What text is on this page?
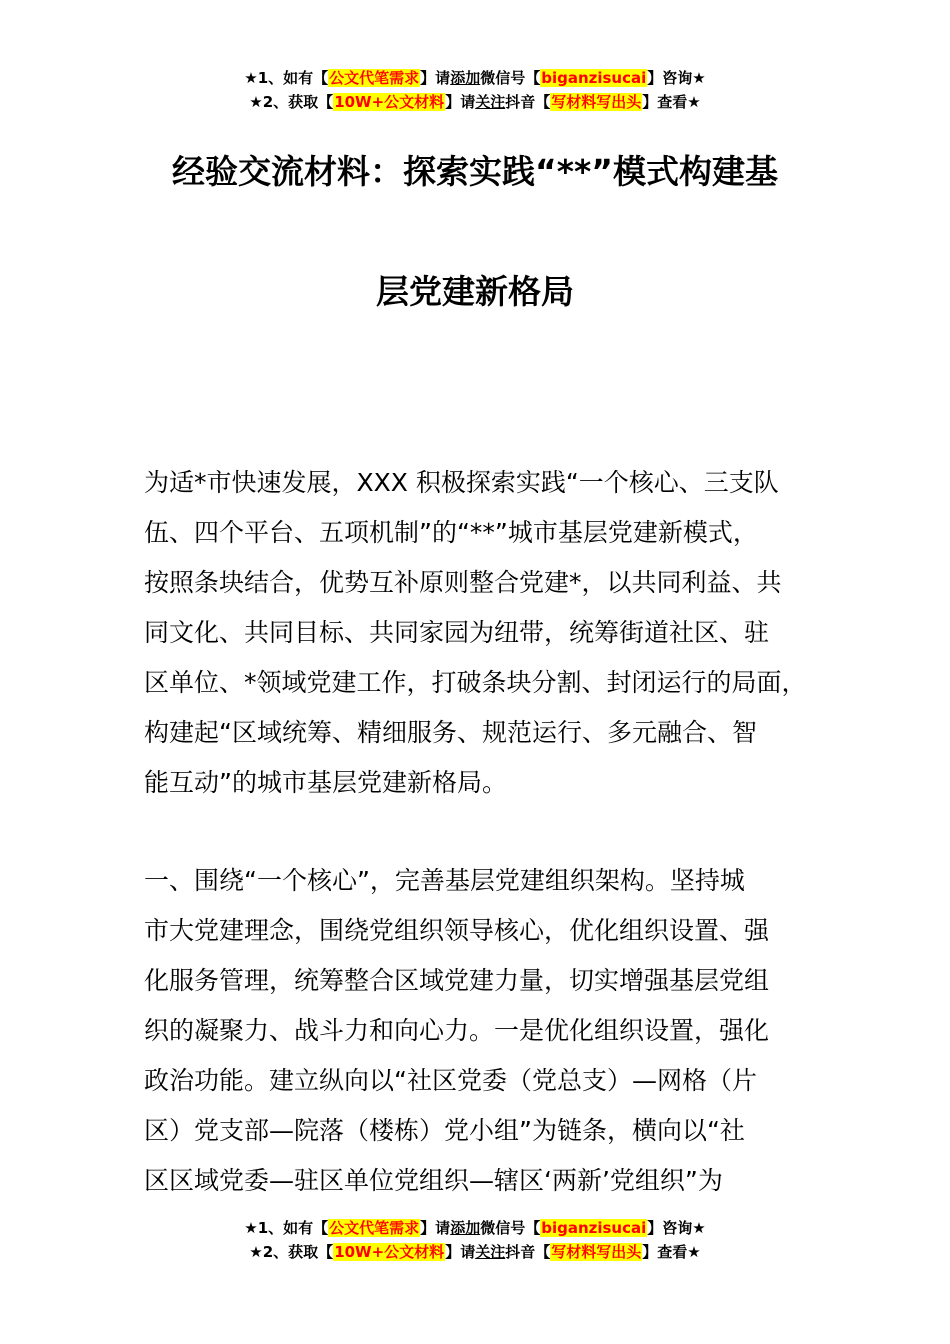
★1、如有【公文代笔需求】请添加微信号【biganzisucai】咨询★
★2、获取【10W+公文材料】请关注抖音【写材料写出头】查看★
经验交流材料：探索实践“**”模式构建基
层党建新格局
为适*市快速发展，XXX 积极探索实践“一个核心、三支队
伍、四个平台、五项机制”的“**”城市基层党建新模式，
按照条块结合，优势互补原则整合党建*，以共同利益、共
同文化、共同目标、共同家园为纽带，统筹街道社区、驻
区单位、*领域党建工作，打破条块分割、封闭运行的局面，
构建起“区域统筹、精细服务、规范运行、多元融合、智
能互动”的城市基层党建新格局。
一、围绕“一个核心”，完善基层党建组织架构。坚持城
市大党建理念，围绕党组织领导核心，优化组织设置、强
化服务管理，统筹整合区域党建力量，切实增强基层党组
织的凝聚力、战斗力和向心力。一是优化组织设置，强化
政治功能。建立纵向以“社区党委（党总支）—网格（片
区）党支部—院落（楼栋）党小组”为链条，横向以“社
区区域党委—驻区单位党组织—辖区‘两新’党组织”为
★1、如有【公文代笔需求】请添加微信号【biganzisucai】咨询★
★2、获取【10W+公文材料】请关注抖音【写材料写出头】查看★
